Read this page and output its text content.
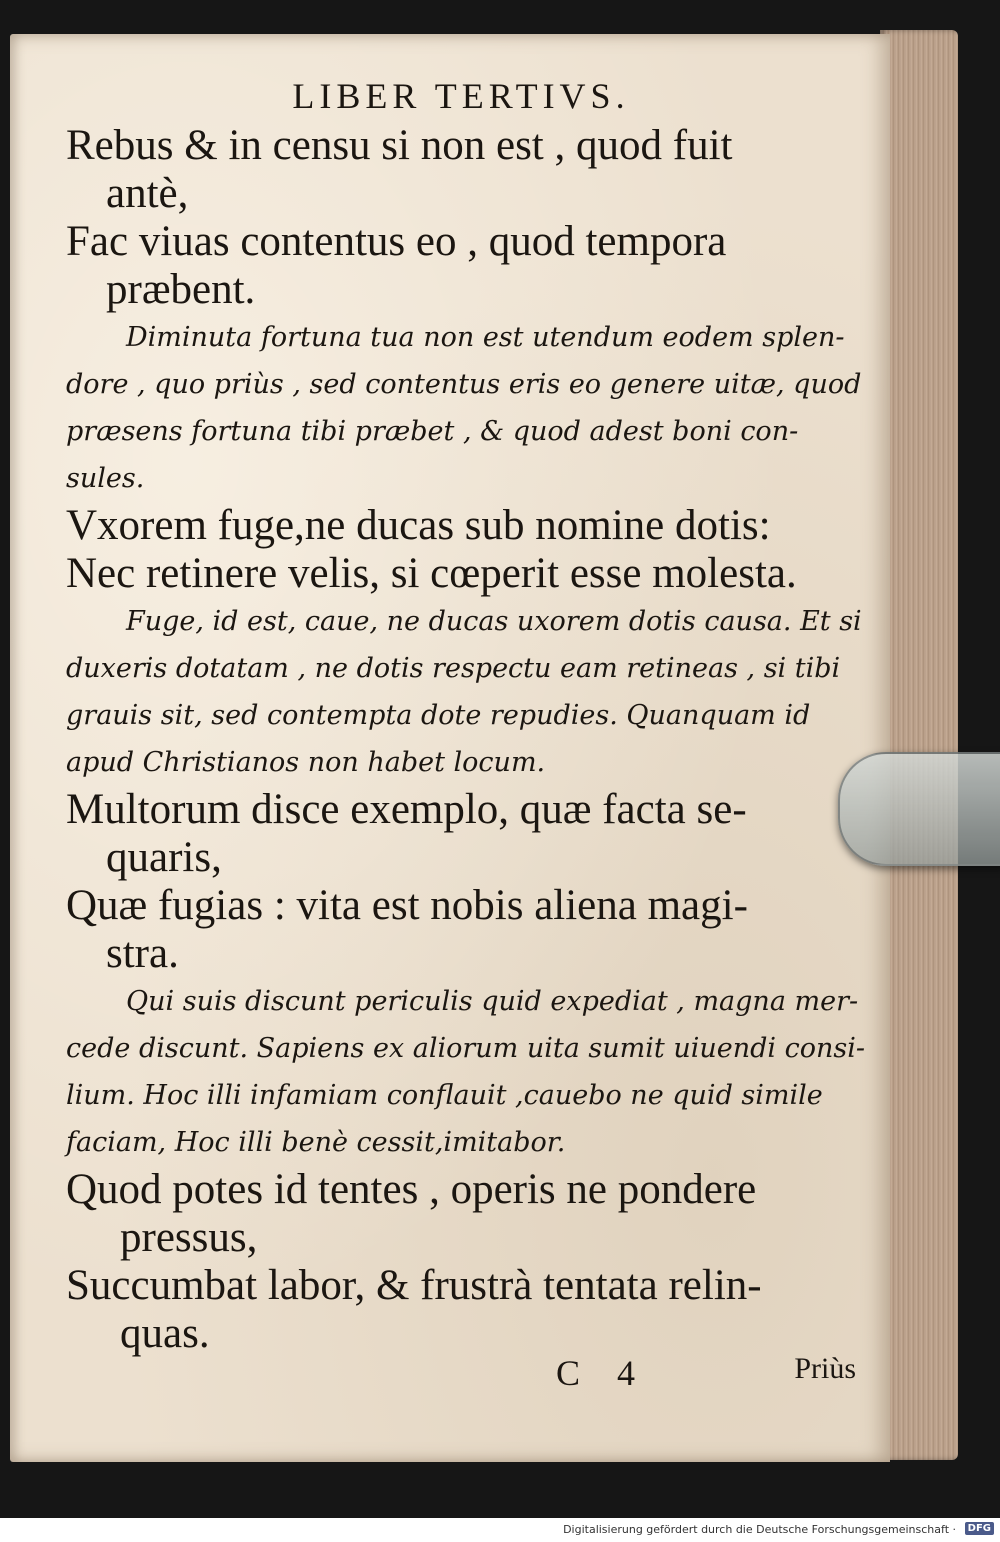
LIBER TERTIVS.

Rebus & in censu si non est , quod fuit

antè,

Fac viuas contentus eo , quod tempora

præbent.

Diminuta fortuna tua non est utendum eodem splen-

dore , quo priùs , sed contentus eris eo genere uitæ, quod

præsens fortuna tibi præbet , & quod adest boni con-

sules.

Vxorem fuge,ne ducas sub nomine dotis:

Nec retinere velis, si cœperit esse molesta.

Fuge, id est, caue, ne ducas uxorem dotis causa. Et si

duxeris dotatam , ne dotis respectu eam retineas , si tibi

grauis sit, sed contempta dote repudies. Quanquam id

apud Christianos non habet locum.

Multorum disce exemplo, quæ facta se-

quaris,

Quæ fugias : vita est nobis aliena magi-

stra.

Qui suis discunt periculis quid expediat , magna mer-

cede discunt. Sapiens ex aliorum uita sumit uiuendi consi-

lium. Hoc illi infamiam conflauit ,cauebo ne quid simile

faciam, Hoc illi benè cessit,imitabor.

Quod potes id tentes , operis ne pondere

pressus,

Succumbat labor, & frustrà tentata relin-

quas.

C 4	Priùs
Digitalisierung gefördert durch die Deutsche Forschungsgemeinschaft ·	DFG
